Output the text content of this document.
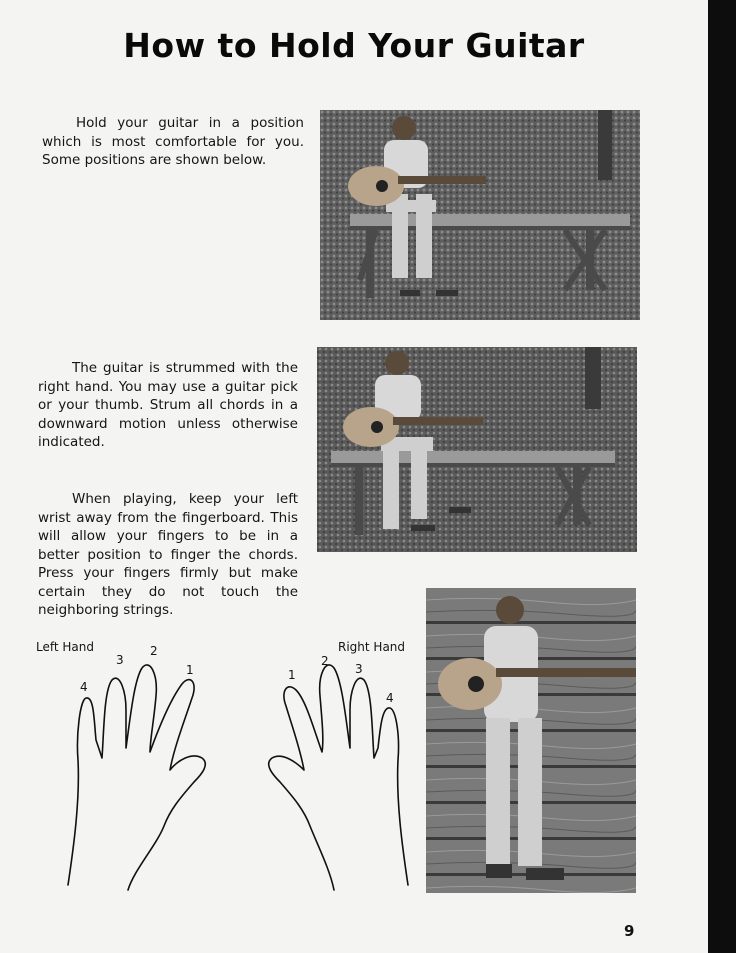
How to Hold Your Guitar

Hold your guitar in a position which is most comfortable for you. Some positions are shown below.

The guitar is strummed with the right hand. You may use a guitar pick or your thumb. Strum all chords in a downward motion unless otherwise indicated.

When playing, keep your left wrist away from the fingerboard. This will allow your fingers to be in a better position to finger the chords. Press your fingers firmly but make certain they do not touch the neighboring strings.

Left Hand	Right Hand
4
3
2
1	1
2
3
4
9
